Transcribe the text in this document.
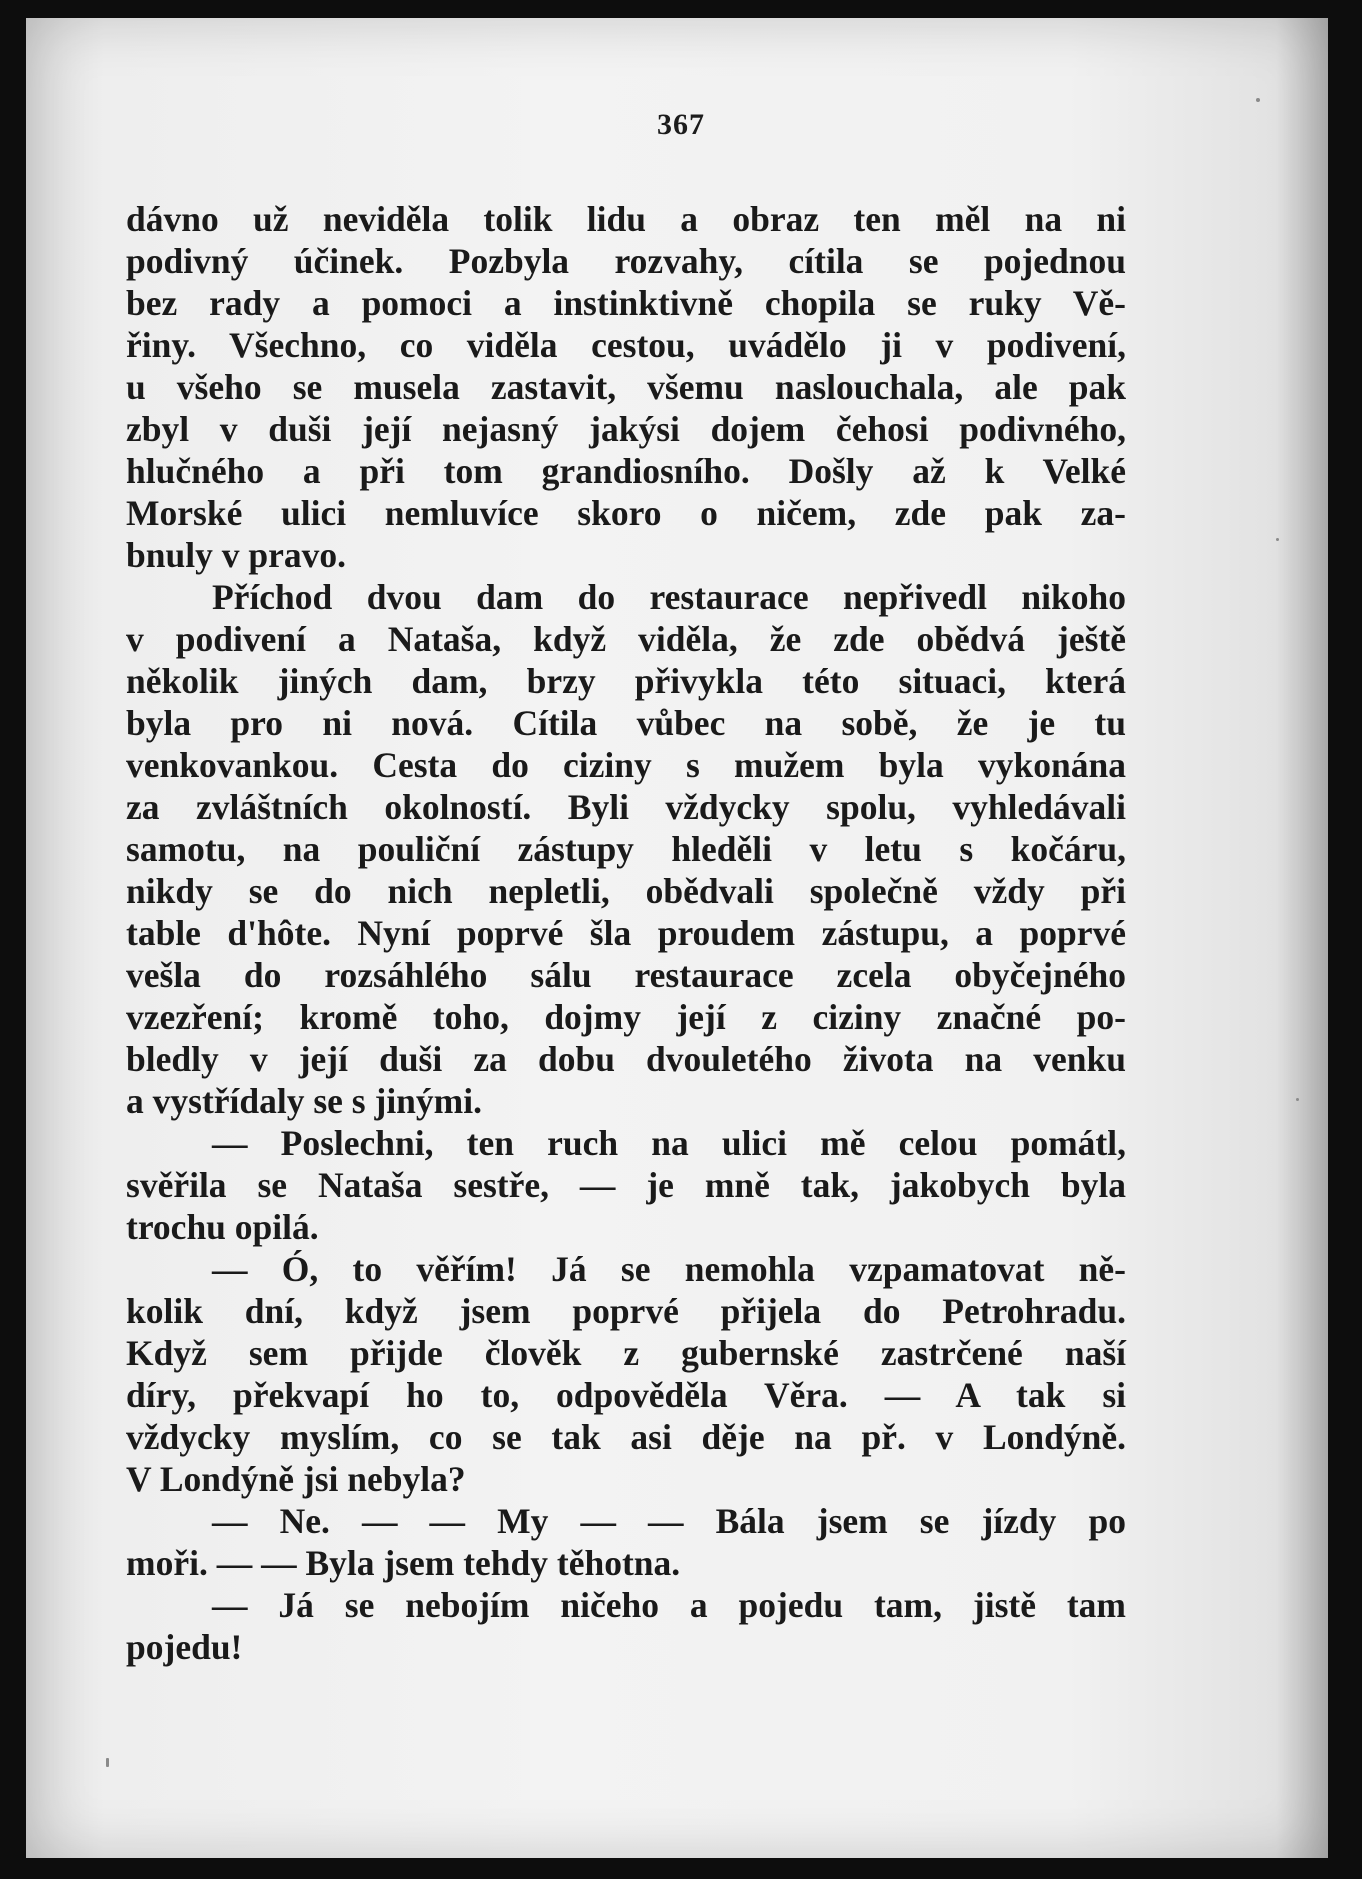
367
dávno už neviděla tolik lidu a obraz ten měl na ni
podivný účinek. Pozbyla rozvahy, cítila se pojednou
bez rady a pomoci a instinktivně chopila se ruky Vě-
řiny. Všechno, co viděla cestou, uvádělo ji v podivení,
u všeho se musela zastavit, všemu naslouchala, ale pak
zbyl v duši její nejasný jakýsi dojem čehosi podivného,
hlučného a při tom grandiosního. Došly až k Velké
Morské ulici nemluvíce skoro o ničem, zde pak za-
bnuly v pravo.
Příchod dvou dam do restaurace nepřivedl nikoho
v podivení a Nataša, když viděla, že zde obědvá ještě
několik jiných dam, brzy přivykla této situaci, která
byla pro ni nová. Cítila vůbec na sobě, že je tu
venkovankou. Cesta do ciziny s mužem byla vykonána
za zvláštních okolností. Byli vždycky spolu, vyhledávali
samotu, na pouliční zástupy hleděli v letu s kočáru,
nikdy se do nich nepletli, obědvali společně vždy při
table d'hôte. Nyní poprvé šla proudem zástupu, a poprvé
vešla do rozsáhlého sálu restaurace zcela obyčejného
vzezření; kromě toho, dojmy její z ciziny značné po-
bledly v její duši za dobu dvouletého života na venku
a vystřídaly se s jinými.
— Poslechni, ten ruch na ulici mě celou pomátl,
svěřila se Nataša sestře, — je mně tak, jakobych byla
trochu opilá.
— Ó, to věřím! Já se nemohla vzpamatovat ně-
kolik dní, když jsem poprvé přijela do Petrohradu.
Když sem přijde člověk z gubernské zastrčené naší
díry, překvapí ho to, odpověděla Věra. — A tak si
vždycky myslím, co se tak asi děje na př. v Londýně.
V Londýně jsi nebyla?
— Ne. — — My — — Bála jsem se jízdy po
moři. — — Byla jsem tehdy těhotna.
— Já se nebojím ničeho a pojedu tam, jistě tam
pojedu!
